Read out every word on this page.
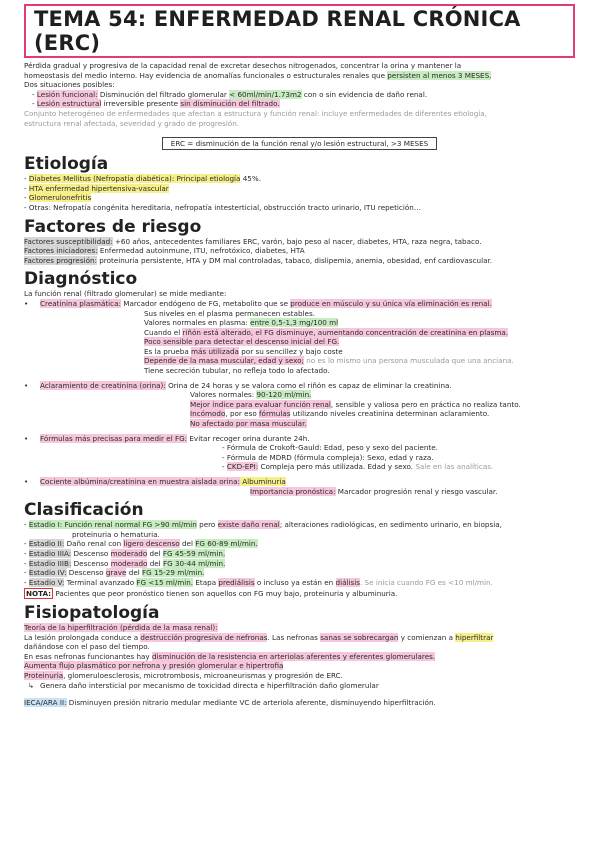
TEMA 54: ENFERMEDAD RENAL CRÓNICA (ERC)

Pérdida gradual y progresiva de la capacidad renal de excretar desechos nitrogenados, concentrar la orina y mantener la

homeostasis del medio interno. Hay evidencia de anomalías funcionales o estructurales renales que persisten al menos 3 MESES.

Dos situaciones posibles:

- Lesión funcional: Disminución del filtrado glomerular < 60ml/min/1.73m2 con o sin evidencia de daño renal.

- Lesión estructural irreversible presente sin disminución del filtrado.

Conjunto heterogéneo de enfermedades que afectan a estructura y función renal: incluye enfermedades de diferentes etiología,

estructura renal afectada, severidad y grado de progresión.

ERC = disminución de la función renal y/o lesión estructural, >3 MESES
Etiología

- Diabetes Mellitus (Nefropatía diabética): Principal etiología 45%.

- HTA enfermedad hipertensiva-vascular

- Glomerulonefritis

- Otras: Nefropatía congénita hereditaria, nefropatía intesterticial, obstrucción tracto urinario, ITU repetición…

Factores de riesgo

Factores susceptibilidad: +60 años, antecedentes familiares ERC, varón, bajo peso al nacer, diabetes, HTA, raza negra, tabaco.

Factores iniciadores: Enfermedad autoinmune, ITU, nefrotóxico, diabetes, HTA

Factores progresión: proteinuria persistente, HTA y DM mal controladas, tabaco, dislipemia, anemia, obesidad, enf cardiovascular.

Diagnóstico

La función renal (filtrado glomerular) se mide mediante:

• Creatinina plasmática: Marcador endógeno de FG, metabolito que se produce en músculo y su única vía eliminación es renal.

Sus niveles en el plasma permanecen estables.

Valores normales en plasma: entre 0,5-1,3 mg/100 ml

Cuando el riñón está alterado, el FG disminuye, aumentando concentración de creatinina en plasma.

Poco sensible para detectar el descenso inicial del FG.

Es la prueba más utilizada por su sencillez y bajo coste

Depende de la masa muscular, edad y sexo; no es lo mismo una persona musculada que una anciana.

Tiene secreción tubular, no refleja todo lo afectado.

• Aclaramiento de creatinina (orina): Orina de 24 horas y se valora como el riñón es capaz de eliminar la creatinina.

Valores normales: 90-120 ml/min.

Mejor índice para evaluar función renal, sensible y valiosa pero en práctica no realiza tanto.

Incómodo, por eso fórmulas utilizando niveles creatinina determinan aclaramiento.

No afectado por masa muscular.

• Fórmulas más precisas para medir el FG: Evitar recoger orina durante 24h.

- Fórmula de Crokoft-Gauld: Edad, peso y sexo del paciente.

- Fórmula de MDRD (fórmula compleja): Sexo, edad y raza.

- CKD-EPI: Compleja pero más utilizada. Edad y sexo. Sale en las analíticas.

• Cociente albúmina/creatinina en muestra aislada orina: Albuminuria

Importancia pronóstica: Marcador progresión renal y riesgo vascular.

Clasificación

- Estadio I: Función renal normal FG >90 ml/min pero existe daño renal; alteraciones radiológicas, en sedimento urinario, en biopsia,

proteinuria o hematuria.

- Estadio II: Daño renal con ligero descenso del FG 60-89 ml/min.

- Estadio IIIA: Descenso moderado del FG 45-59 ml/min.

- Estadio IIIB: Descenso moderado del FG 30-44 ml/min.

- Estadio IV: Descenso grave del FG 15-29 ml/min.

- Estadio V: Terminal avanzado FG <15 ml/min. Etapa prediálisis o incluso ya están en diálisis. Se inicia cuando FG es <10 ml/min.

NOTA: Pacientes que peor pronóstico tienen son aquellos con FG muy bajo, proteinuria y albuminuria.

Fisiopatología

Teoría de la hiperfiltración (pérdida de la masa renal):

La lesión prolongada conduce a destrucción progresiva de nefronas. Las nefronas sanas se sobrecargan y comienzan a hiperfiltrar

dañándose con el paso del tiempo.

En esas nefronas funcionantes hay disminución de la resistencia en arteriolas aferentes y eferentes glomerulares.

Aumenta flujo plasmático por nefrona y presión glomerular e hipertrofia

Proteinuria, glomeruloesclerosis, microtrombosis, microaneurismas y progresión de ERC.

↳ Genera daño intersticial por mecanismo de toxicidad directa e hiperfiltración daño glomerular

IECA/ARA II: Disminuyen presión nitrario medular mediante VC de arteriola aferente, disminuyendo hiperfiltración.
